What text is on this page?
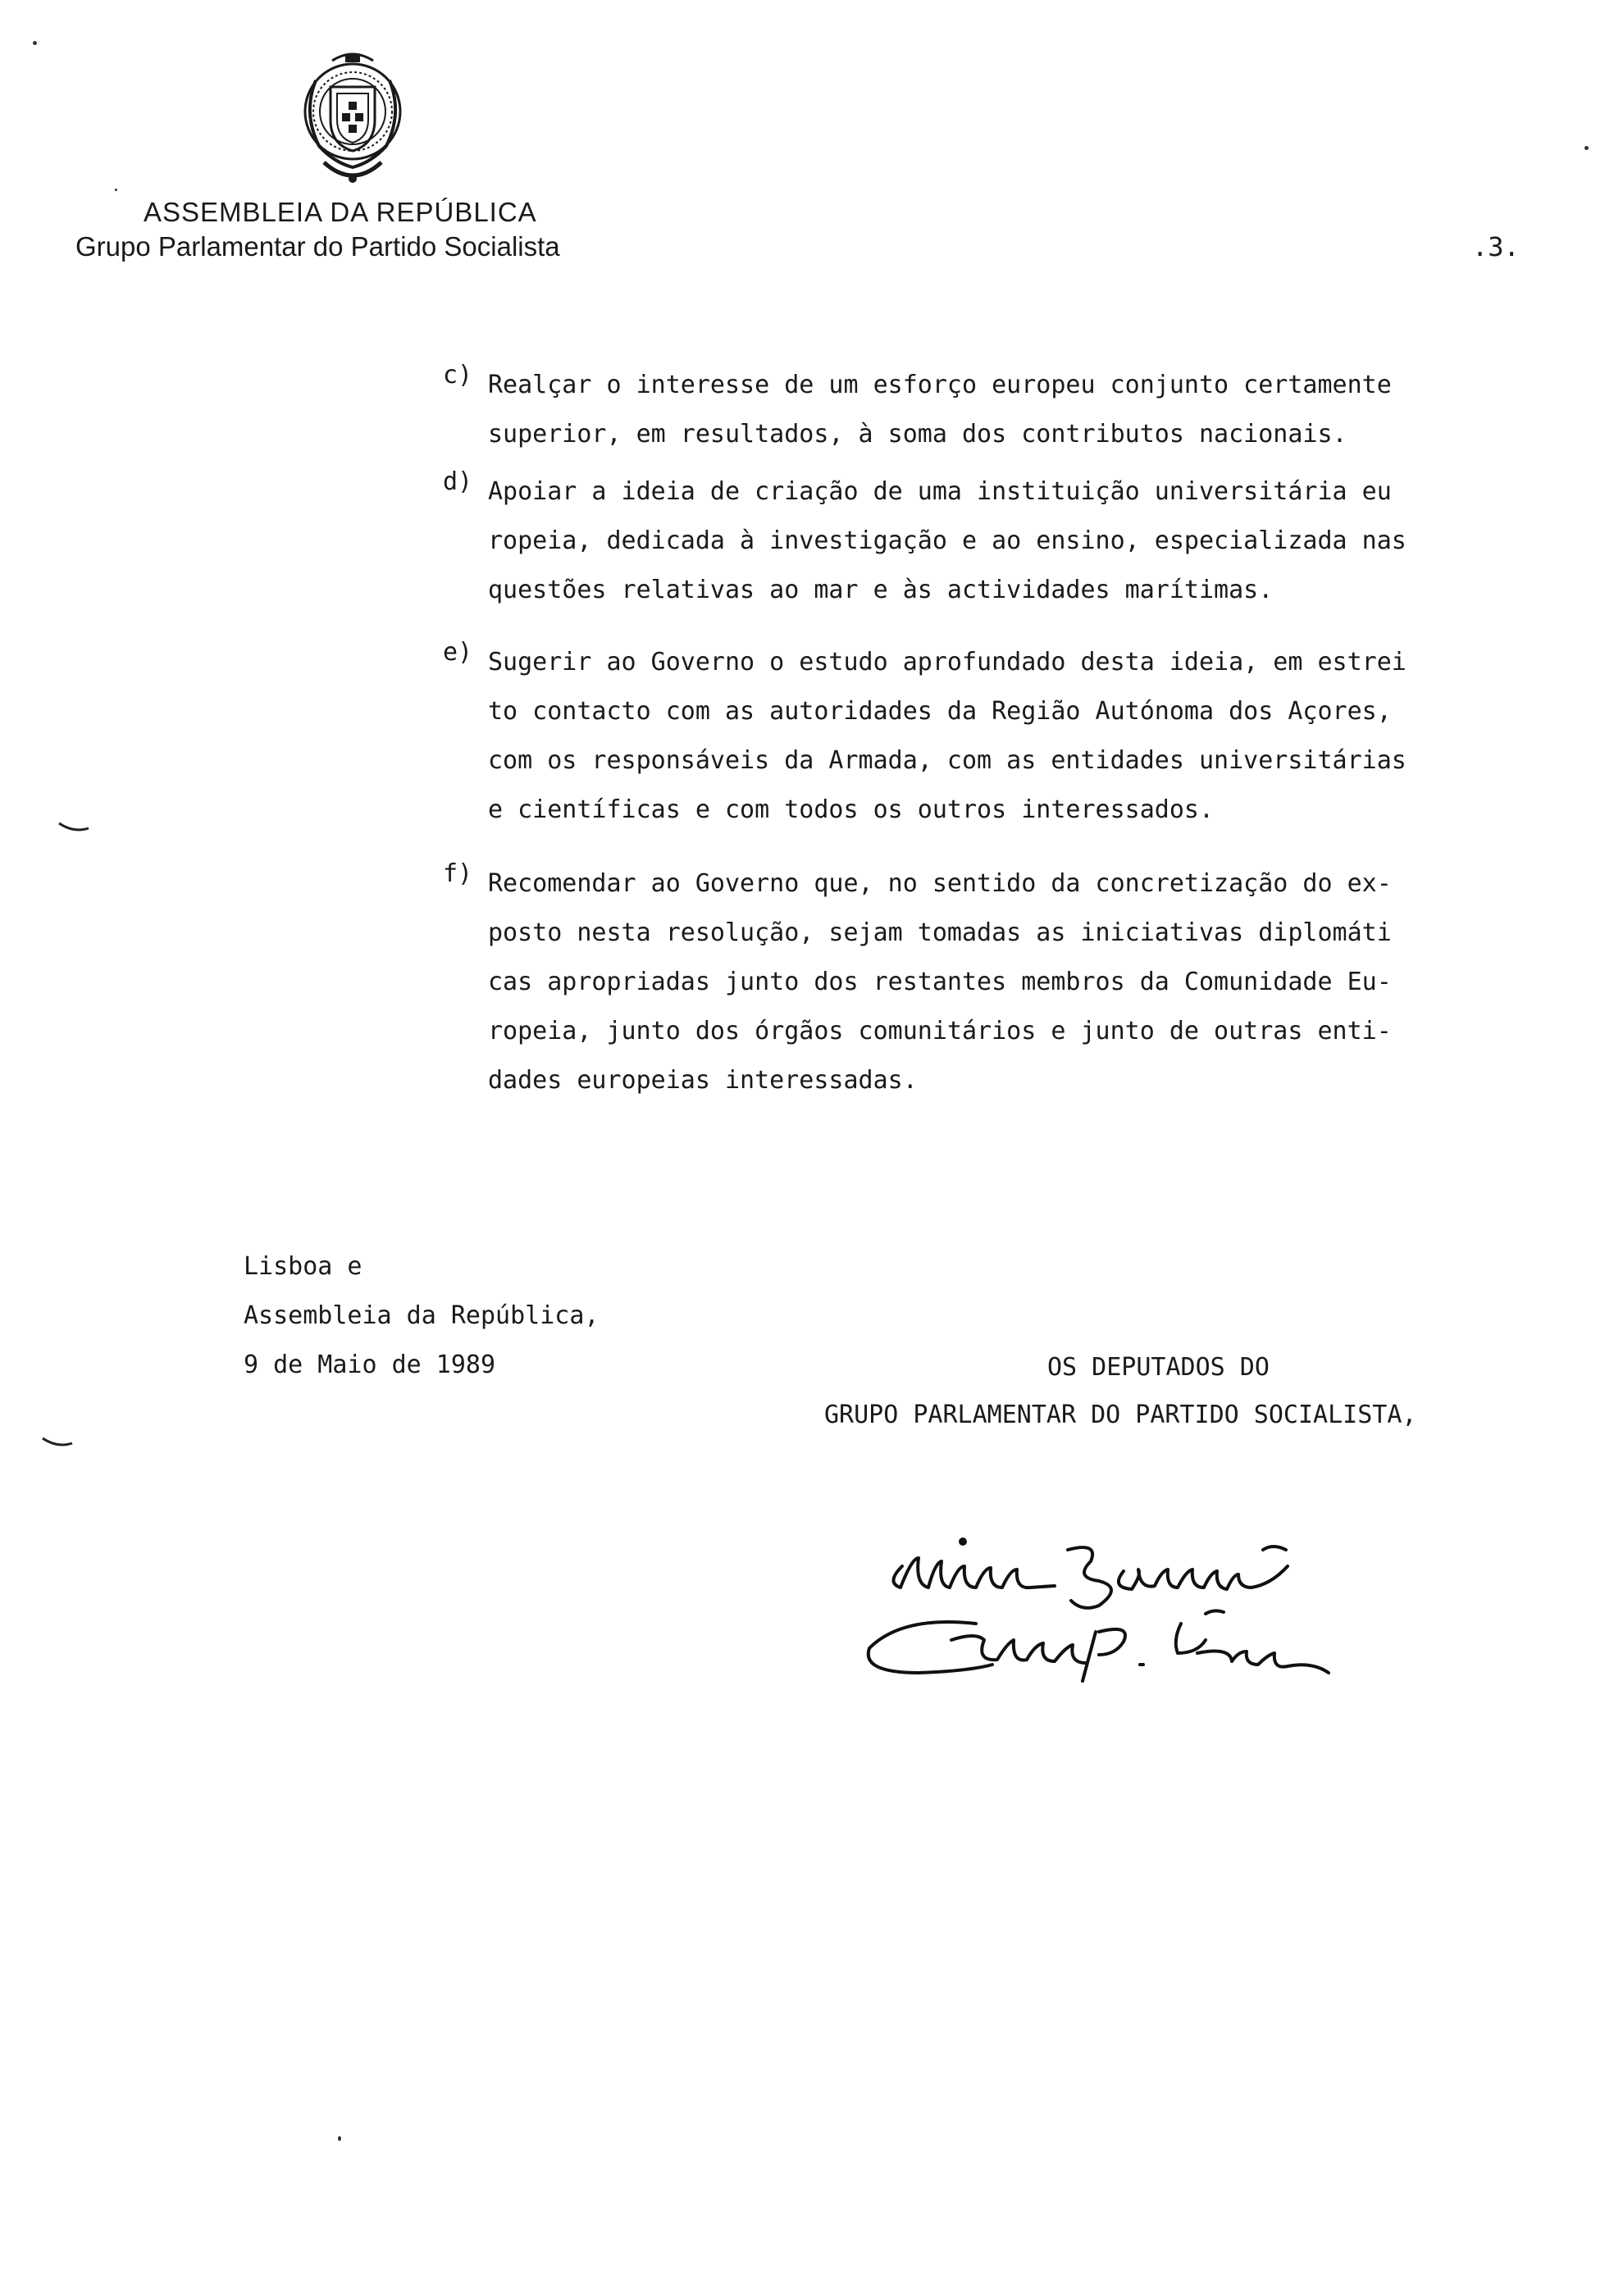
ASSEMBLEIA DA REPÚBLICA
Grupo Parlamentar do Partido Socialista	.3.
c) Realçar o interesse de um esforço europeu conjunto certamente
superior, em resultados, à soma dos contributos nacionais.
d) Apoiar a ideia de criação de uma instituição universitária eu
ropeia, dedicada à investigação e ao ensino, especializada nas
questões relativas ao mar e às actividades marítimas.
e) Sugerir ao Governo o estudo aprofundado desta ideia, em estrei
to contacto com as autoridades da Região Autónoma dos Açores,
com os responsáveis da Armada, com as entidades universitárias
e científicas e com todos os outros interessados.
f) Recomendar ao Governo que, no sentido da concretização do ex-
posto nesta resolução, sejam tomadas as iniciativas diplomáti
cas apropriadas junto dos restantes membros da Comunidade Eu-
ropeia, junto dos órgãos comunitários e junto de outras enti-
dades europeias interessadas.
Lisboa e
Assembleia da República,
9 de Maio de 1989	OS DEPUTADOS DO
GRUPO PARLAMENTAR DO PARTIDO SOCIALISTA,
